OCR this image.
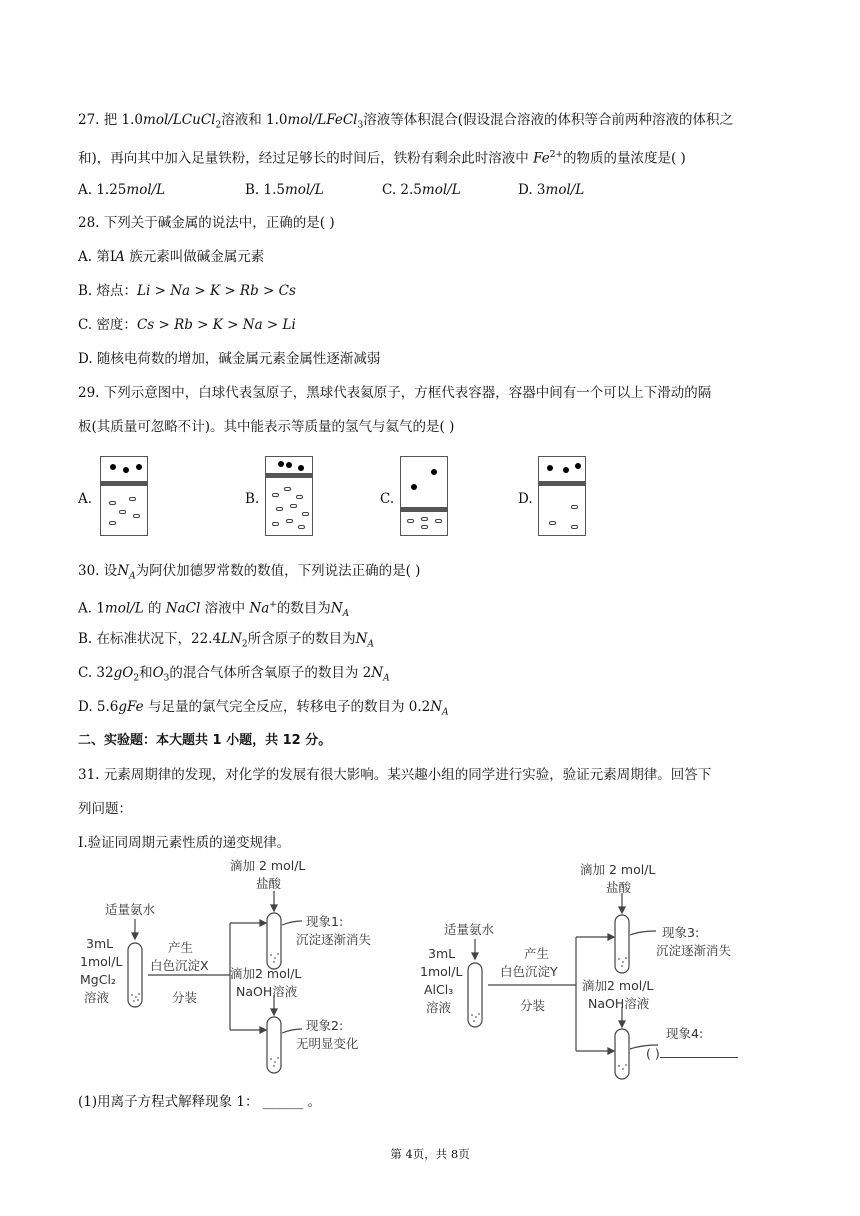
27. 把 1.0mol/LCuCl$_2$溶液和 1.0mol/LFeCl$_3$溶液等体积混合(假设混合溶液的体积等合前两种溶液的体积之
和)，再向其中加入足量铁粉，经过足够长的时间后，铁粉有剩余此时溶液中 $Fe^{2+}$的物质的量浓度是( )
A. 1.25mol/L	B. 1.5mol/L	C. 2.5mol/L	D. 3mol/L
28. 下列关于碱金属的说法中，正确的是( )
A. 第ⅠA 族元素叫做碱金属元素
B. 熔点：Li > Na > K > Rb > Cs
C. 密度：Cs > Rb > K > Na > Li
D. 随核电荷数的增加，碱金属元素金属性逐渐减弱
29. 下列示意图中，白球代表氢原子，黑球代表氦原子，方框代表容器，容器中间有一个可以上下滑动的隔
板(其质量可忽略不计)。其中能表示等质量的氢气与氦气的是( )
A.	B.	C.	D.
30. 设$N_A$为阿伏加德罗常数的数值，下列说法正确的是( )
A. 1mol/L 的 NaCl 溶液中 Na+的数目为$N_A$
B. 在标准状况下，$22.4LN_2$所含原子的数目为$N_A$
C. $32gO_2$和$O_3$的混合气体所含氧原子的数目为 $2N_A$
D. 5.6gFe 与足量的氯气完全反应，转移电子的数目为 $0.2N_A$
二、实验题：本大题共 1 小题，共 12 分。
31. 元素周期律的发现，对化学的发展有很大影响。某兴趣小组的同学进行实验，验证元素周期律。回答下
列问题：
Ⅰ.验证同周期元素性质的递变规律。
适量氨水
3mL
1mol/L
MgCl₂
溶液
产生
白色沉淀X
分装
滴加 2 mol/L
盐酸
现象1:
沉淀逐渐消失
滴加2 mol/L
NaOH溶液
现象2:
无明显变化
适量氨水
3mL
1mol/L
AlCl₃
溶液
产生
白色沉淀Y
分装
滴加 2 mol/L
盐酸
现象3:
沉淀逐渐消失
滴加2 mol/L
NaOH溶液
现象4:
( )
(1)用离子方程式解释现象 1： ______ 。
第 4页，共 8页
